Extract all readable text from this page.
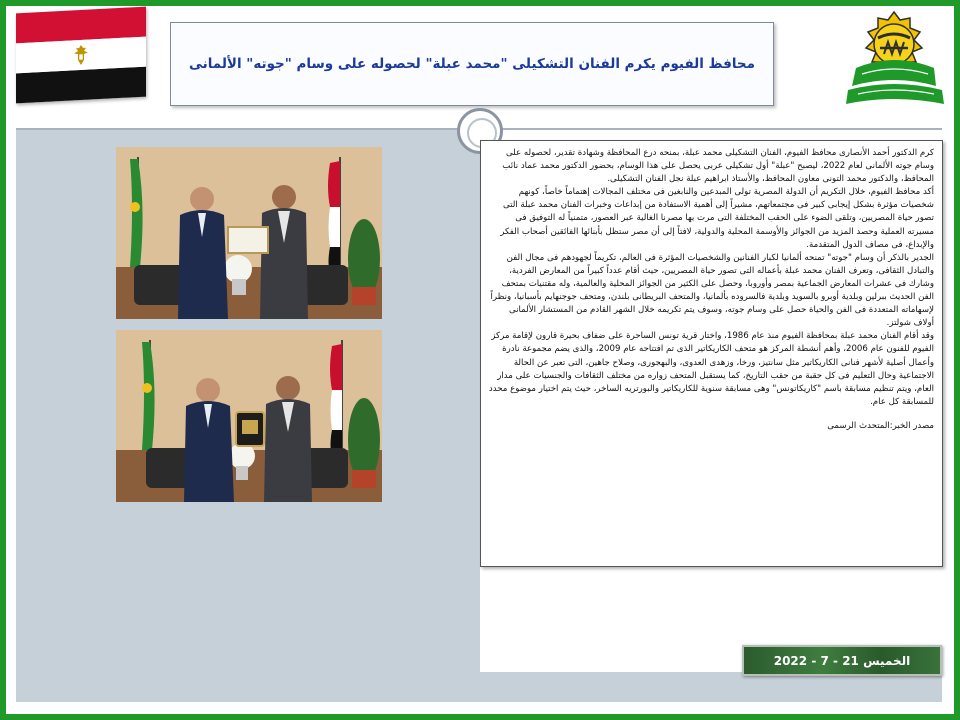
محافظ الفيوم يكرم الفنان التشكيلى "محمد عبلة" لحصوله على وسام "جوته" الألمانى

كرم الدكتور أحمد الأنصارى محافظ الفيوم، الفنان التشكيلى محمد عبلة، بمنحه درع المحافظة وشهادة تقدير، لحصوله على وسام جوته الألمانى لعام 2022، ليصبح "عبلة" أول تشكيلى عربى يحصل على هذا الوسام، بحضور الدكتور محمد عماد نائب المحافظ، والدكتور محمد التونى معاون المحافظ، والأستاذ ابراهيم عبلة نجل الفنان التشكيلى.

أكد محافظ الفيوم، خلال التكريم أن الدولة المصرية تولى المبدعين والنابغين فى مختلف المجالات إهتماماً خاصاً، كونهم شخصيات مؤثرة بشكل إيجابى كبير فى مجتمعاتهم، مشيراً إلى أهمية الاستفادة من إبداعات وخبرات الفنان محمد عبلة التى تصور حياة المصريين، وتلقى الضوء على الحقب المختلفة التى مرت بها مصرنا الغالية عبر العصور، متمنياً له التوفيق فى مسيرته العملية وحصد المزيد من الجوائز والأوسمة المحلية والدولية، لافتاً إلى أن مصر ستظل بأبنائها الفائقين أصحاب الفكر والإبداع، فى مصاف الدول المتقدمة.

الجدير بالذكر أن وسام "جوته" تمنحه ألمانيا لكبار الفنانين والشخصيات المؤثرة فى العالم، تكريماً لجهودهم فى مجال الفن والتبادل الثقافى، وتعرف الفنان محمد عبلة بأعماله التى تصور حياة المصريين، حيث أقام عدداً كبيراً من المعارض الفردية، وشارك فى عشرات المعارض الجماعية بمصر وأوروبا، وحصل على الكثير من الجوائز المحلية والعالمية، وله مقتنيات بمتحف الفن الحديث ببرلين وبلدية أوبرو بالسويد وبلدية فالسروده بألمانيا، والمتحف البريطانى بلندن، ومتحف جوجنهايم بأسبانيا، ونظراً لإسهاماته المتعددة فى الفن والحياة حصل على وسام جوته، وسوف يتم تكريمه خلال الشهر القادم من المستشار الألمانى أولاف شولتز.

وقد أقام الفنان محمد عبلة بمحافظة الفيوم منذ عام 1986، واختار قرية تونس الساحرة على ضفاف بحيرة قارون لإقامة مركز الفيوم للفنون عام 2006، وأهم أنشطة المركز هو متحف الكاريكاتير الذى تم افتتاحه عام 2009، والذى يضم مجموعة نادرة وأعمال أصلية لأشهر فنانى الكاريكاتير مثل سانتيز، ورخا، وزهدى العدوى، والبهجورى، وصلاح جاهين، التى تعبر عن الحالة الاجتماعية وحال التعليم فى كل حقبة من حقب التاريخ، كما يستقبل المتحف زواره من مختلف الثقافات والجنسيات على مدار العام، ويتم تنظيم مسابقة باسم "كاريكاتونس" وهى مسابقة سنوية للكاريكاتير والبورتريه الساخر، حيث يتم اختيار موضوع محدد للمسابقة كل عام.

مصدر الخبر:المتحدث الرسمى
الخميس 21 - 7 - 2022
